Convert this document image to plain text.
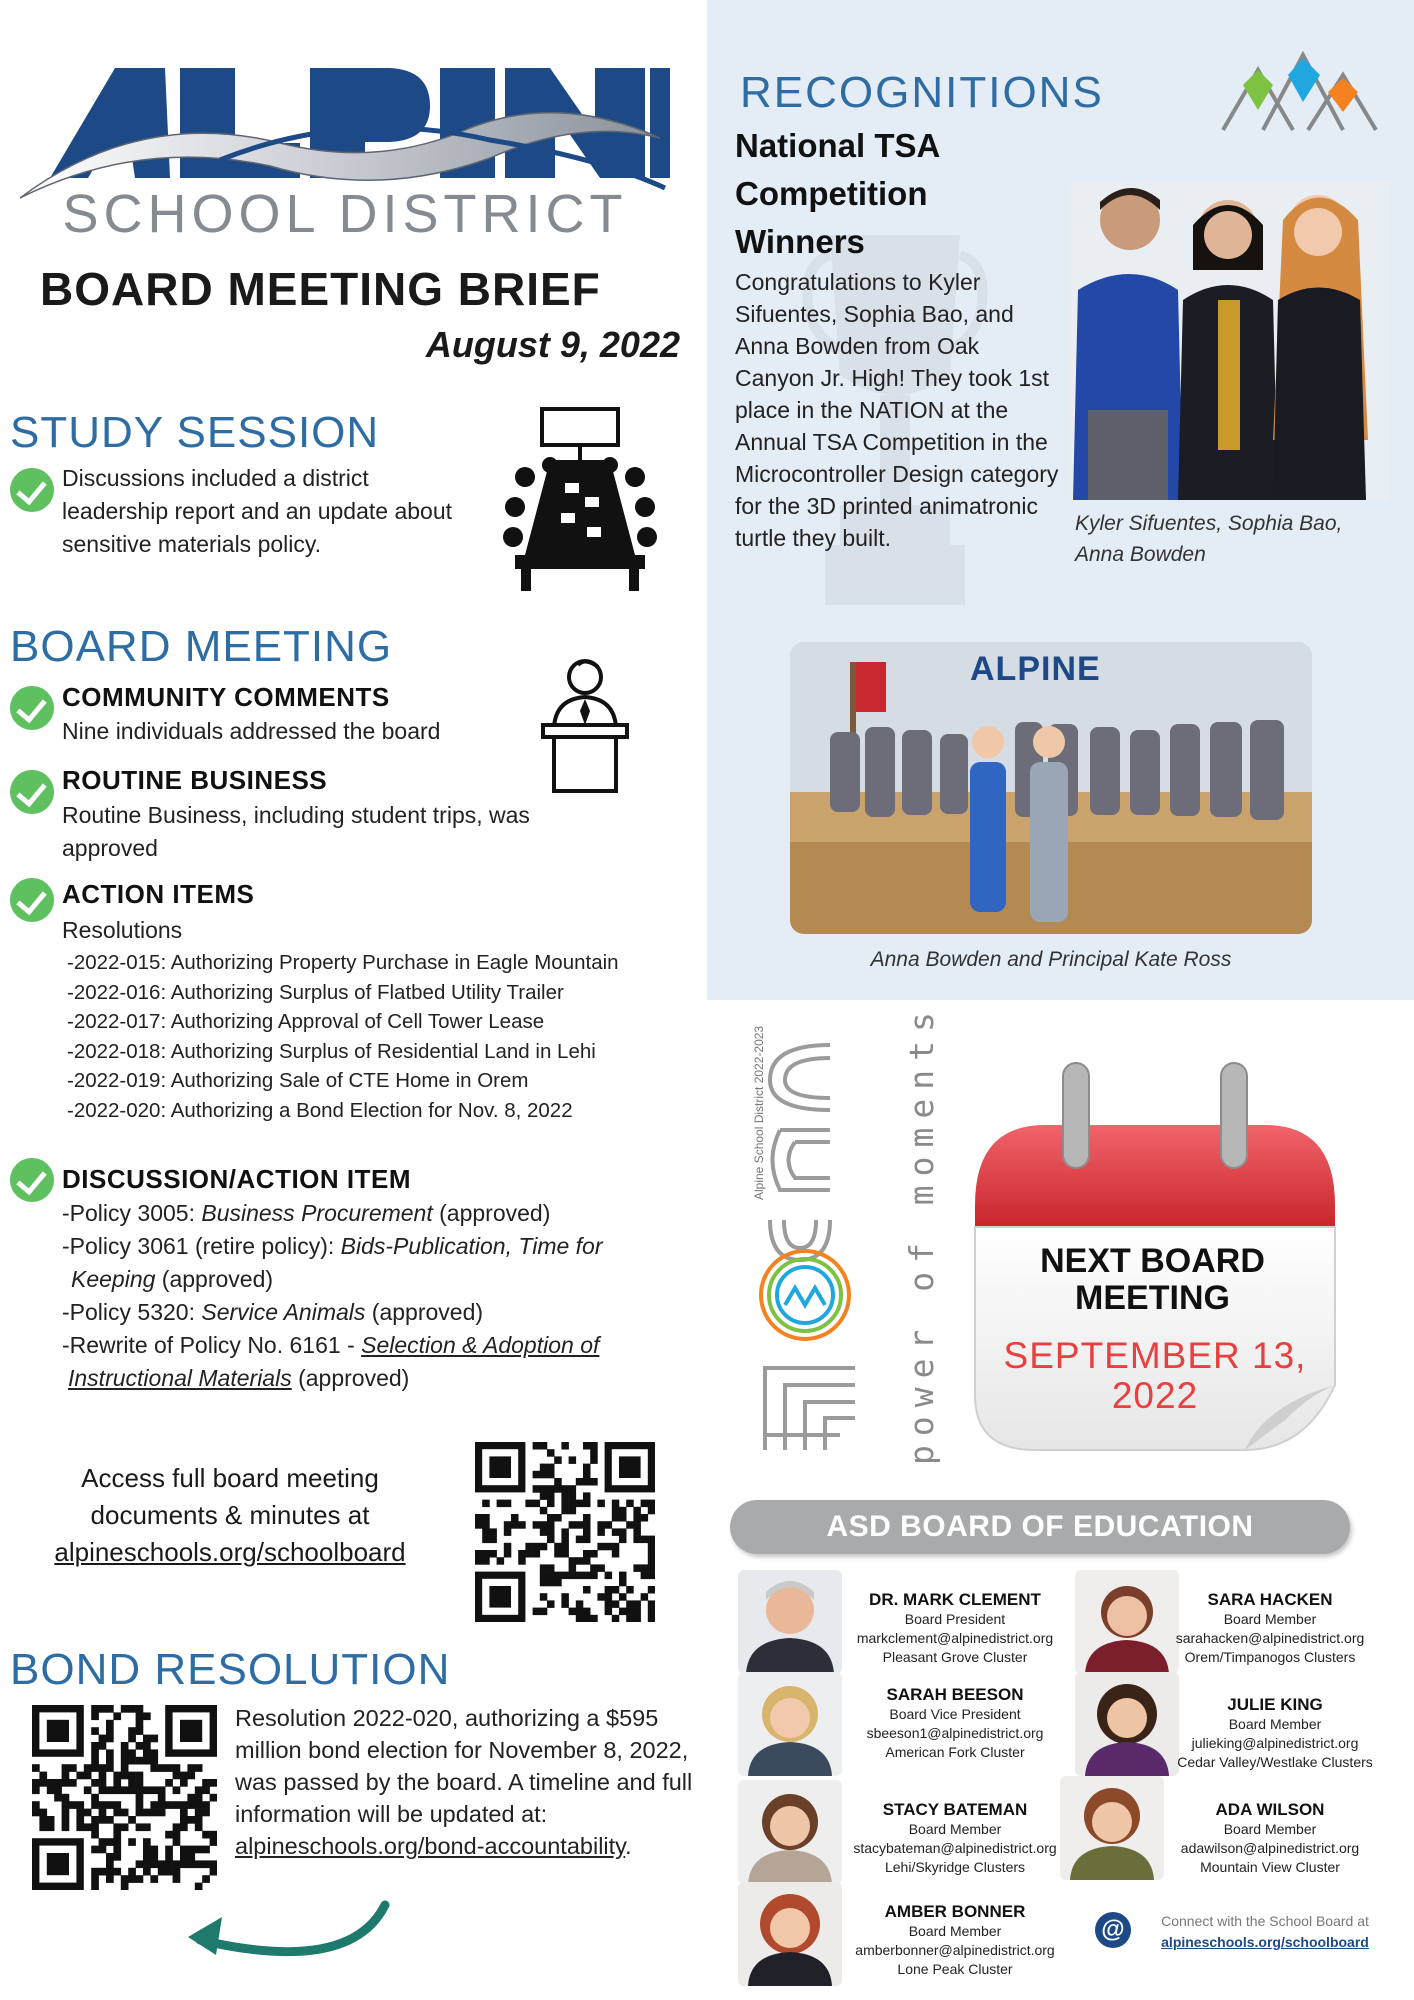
SCHOOL DISTRICT
BOARD MEETING BRIEF
August 9, 2022
STUDY SESSION
Discussions included a district leadership report and an update about sensitive materials policy.
BOARD MEETING
COMMUNITY COMMENTS
Nine individuals addressed the board
ROUTINE BUSINESS
Routine Business, including student trips, was approved
ACTION ITEMS
Resolutions
-2022-015: Authorizing Property Purchase in Eagle Mountain
-2022-016: Authorizing Surplus of Flatbed Utility Trailer
-2022-017: Authorizing Approval of Cell Tower Lease
-2022-018: Authorizing Surplus of Residential Land in Lehi
-2022-019: Authorizing Sale of CTE Home in Orem
-2022-020: Authorizing a Bond Election for Nov. 8, 2022
DISCUSSION/ACTION ITEM
-Policy 3005: Business Procurement (approved)
-Policy 3061 (retire policy): Bids-Publication, Time for
Keeping (approved)
-Policy 5320: Service Animals (approved)
-Rewrite of Policy No. 6161 - Selection & Adoption of
Instructional Materials (approved)
Access full board meeting
documents & minutes at
alpineschools.org/schoolboard
BOND RESOLUTION
Resolution 2022-020, authorizing a $595 million bond election for November 8, 2022, was passed by the board. A timeline and full information will be updated at: alpineschools.org/bond-accountability.
RECOGNITIONS
National TSA Competition Winners
Congratulations to Kyler Sifuentes, Sophia Bao, and Anna Bowden from Oak Canyon Jr. High! They took 1st place in the NATION at the Annual TSA Competition in the Microcontroller Design category for the 3D printed animatronic turtle they built.
Kyler Sifuentes, Sophia Bao, Anna Bowden
ALPINE
Anna Bowden and Principal Kate Ross
Alpine School District 2022-2023	power of moments	NEXT BOARD MEETING
SEPTEMBER 13, 2022
ASD BOARD OF EDUCATION
DR. MARK CLEMENT
Board President
markclement@alpinedistrict.org
Pleasant Grove Cluster
SARA HACKEN
Board Member
sarahacken@alpinedistrict.org
Orem/Timpanogos Clusters
SARAH BEESON
Board Vice President
sbeeson1@alpinedistrict.org
American Fork Cluster
JULIE KING
Board Member
julieking@alpinedistrict.org
Cedar Valley/Westlake Clusters
STACY BATEMAN
Board Member
stacybateman@alpinedistrict.org
Lehi/Skyridge Clusters
ADA WILSON
Board Member
adawilson@alpinedistrict.org
Mountain View Cluster
AMBER BONNER
Board Member
amberbonner@alpinedistrict.org
Lone Peak Cluster
@	Connect with the School Board at
alpineschools.org/schoolboard
